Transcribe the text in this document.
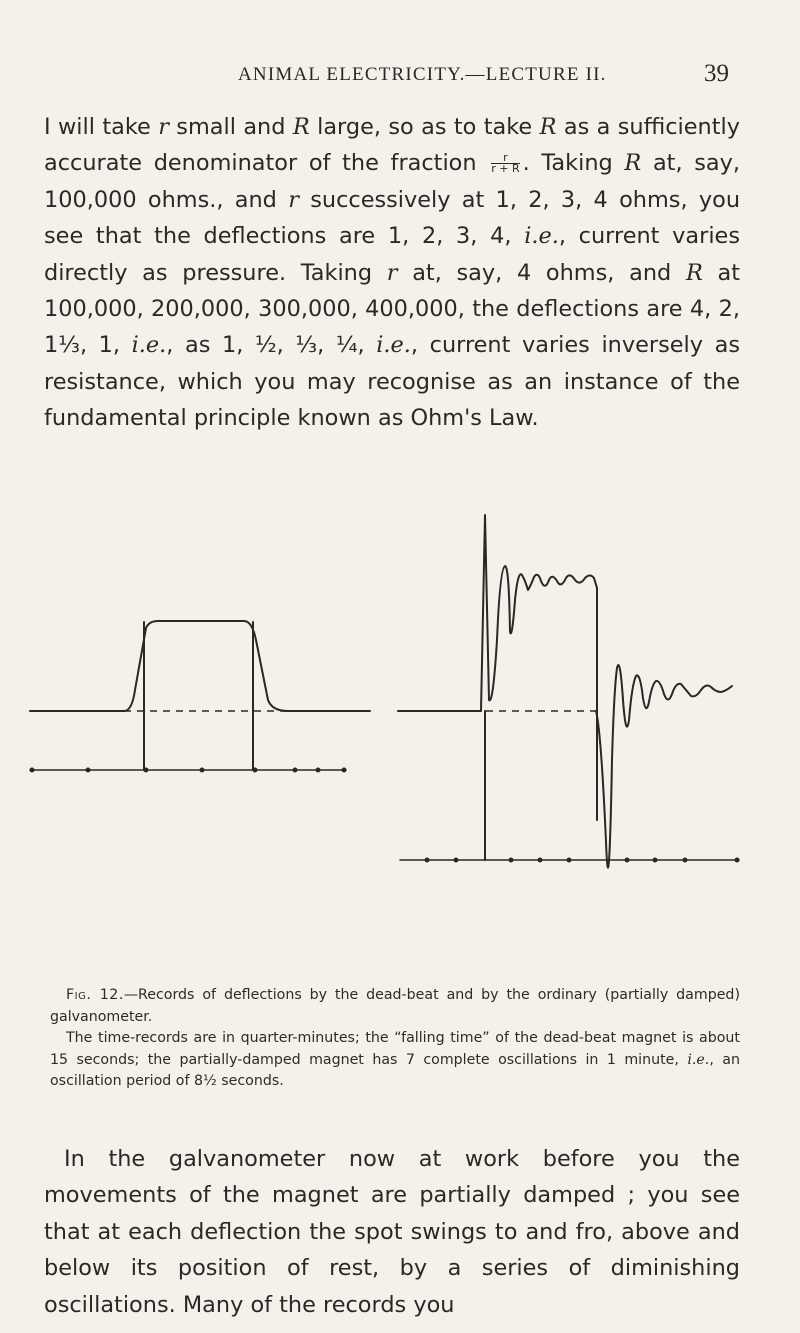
ANIMAL ELECTRICITY.—LECTURE II.	39

I will take r small and R large, so as to take R as a sufficiently accurate denominator of the fraction $\frac{r}{r + R}$ . Taking R at, say, 100,000 ohms., and r successively at 1, 2, 3, 4 ohms, you see that the deflections are 1, 2, 3, 4, i.e., current varies directly as pressure. Taking r at, say, 4 ohms, and R at 100,000, 200,000, 300,000, 400,000, the deflections are 4, 2, 1⅓, 1, i.e., as 1, ½, ⅓, ¼, i.e., current varies inversely as resistance, which you may recognise as an instance of the fundamental principle known as Ohm's Law.

Fig. 12.—Records of deflections by the dead-beat and by the ordinary (partially damped) galvanometer.

The time-records are in quarter-minutes; the “falling time” of the dead-beat magnet is about 15 seconds; the partially-damped magnet has 7 complete oscillations in 1 minute, i.e., an oscillation period of 8½ seconds.

In the galvanometer now at work before you the movements of the magnet are partially damped ; you see that at each deflection the spot swings to and fro, above and below its position of rest, by a series of diminishing oscillations. Many of the records you
